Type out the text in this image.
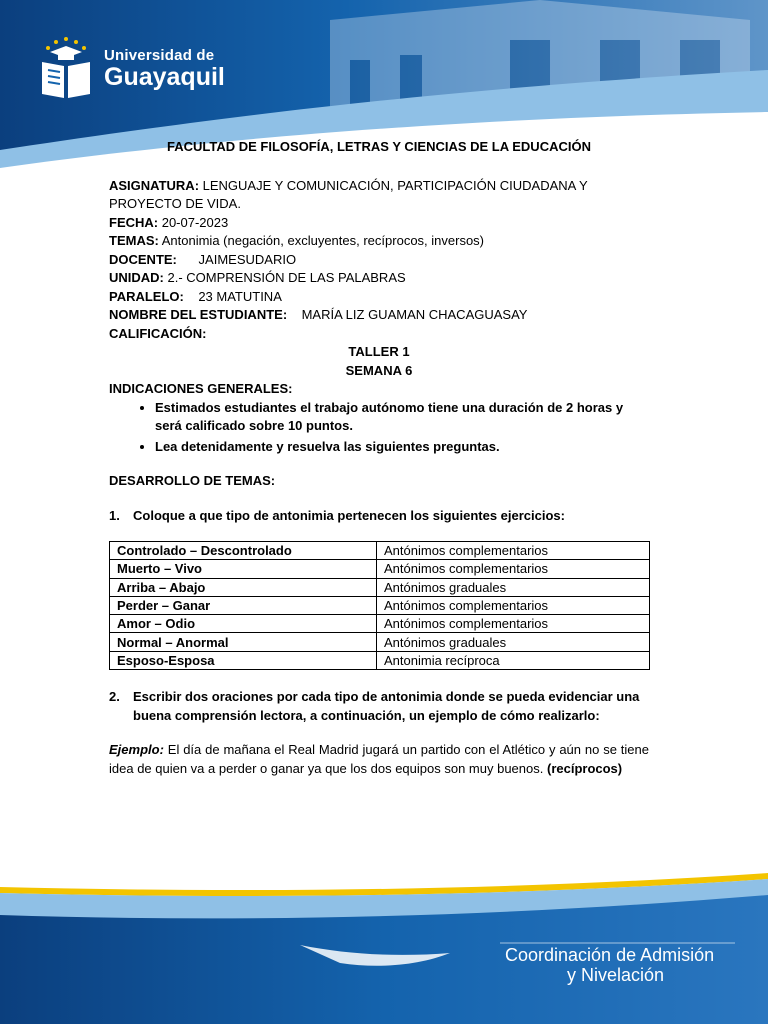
Universidad de
Guayaquil

FACULTAD DE FILOSOFÍA, LETRAS Y CIENCIAS DE LA EDUCACIÓN

ASIGNATURA: LENGUAJE Y COMUNICACIÓN, PARTICIPACIÓN CIUDADANA Y PROYECTO DE VIDA.

FECHA: 20-07-2023

TEMAS: Antonimia (negación, excluyentes, recíprocos, inversos)

DOCENTE:      JAIMESUDARIO

UNIDAD: 2.- COMPRENSIÓN DE LAS PALABRAS

PARALELO:    23 MATUTINA

NOMBRE DEL ESTUDIANTE:    MARÍA LIZ GUAMAN CHACAGUASAY

CALIFICACIÓN:

TALLER 1

SEMANA 6

INDICACIONES GENERALES:

• Estimados estudiantes el trabajo autónomo tiene una duración de 2 horas y será calificado sobre 10 puntos.
• Lea detenidamente y resuelva las siguientes preguntas.

DESARROLLO DE TEMAS:

1.	Coloque a que tipo de antonimia pertenecen los siguientes ejercicios:
Controlado – Descontrolado	Antónimos complementarios
Muerto – Vivo	Antónimos complementarios
Arriba – Abajo	Antónimos graduales
Perder – Ganar	Antónimos complementarios
Amor – Odio	Antónimos complementarios
Normal – Anormal	Antónimos graduales
Esposo-Esposa	Antonimia recíproca
2.	Escribir dos oraciones por cada tipo de antonimia donde se pueda evidenciar una buena comprensión lectora, a continuación, un ejemplo de cómo realizarlo:

Ejemplo: El día de mañana el Real Madrid jugará un partido con el Atlético y aún no se tiene idea de quien va a perder o ganar ya que los dos equipos son muy buenos. (recíprocos)

Coordinación de Admisión
y Nivelación
